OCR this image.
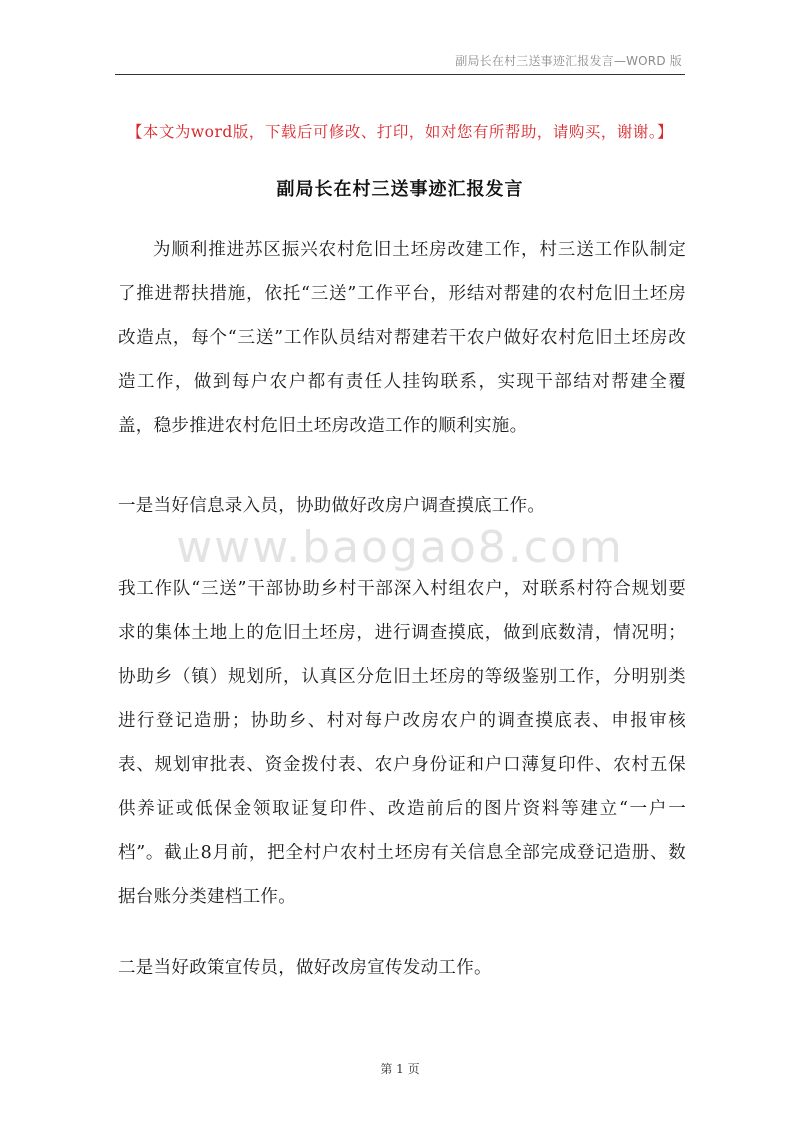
副局长在村三送事迹汇报发言—WORD 版
【本文为word版，下载后可修改、打印，如对您有所帮助，请购买，谢谢。】
副局长在村三送事迹汇报发言
为顺利推进苏区振兴农村危旧土坯房改建工作，村三送工作队制定了推进帮扶措施，依托“三送”工作平台，形结对帮建的农村危旧土坯房改造点，每个“三送”工作队员结对帮建若干农户做好农村危旧土坯房改造工作，做到每户农户都有责任人挂钩联系，实现干部结对帮建全覆盖，稳步推进农村危旧土坯房改造工作的顺利实施。
一是当好信息录入员，协助做好改房户调查摸底工作。
www.baogao8.com
我工作队“三送”干部协助乡村干部深入村组农户，对联系村符合规划要求的集体土地上的危旧土坯房，进行调查摸底，做到底数清，情况明；协助乡（镇）规划所，认真区分危旧土坯房的等级鉴别工作，分明别类进行登记造册；协助乡、村对每户改房农户的调查摸底表、申报审核表、规划审批表、资金拨付表、农户身份证和户口薄复印件、农村五保供养证或低保金领取证复印件、改造前后的图片资料等建立“一户一档”。截止8月前，把全村户农村土坯房有关信息全部完成登记造册、数据台账分类建档工作。
二是当好政策宣传员，做好改房宣传发动工作。
第 1 页
